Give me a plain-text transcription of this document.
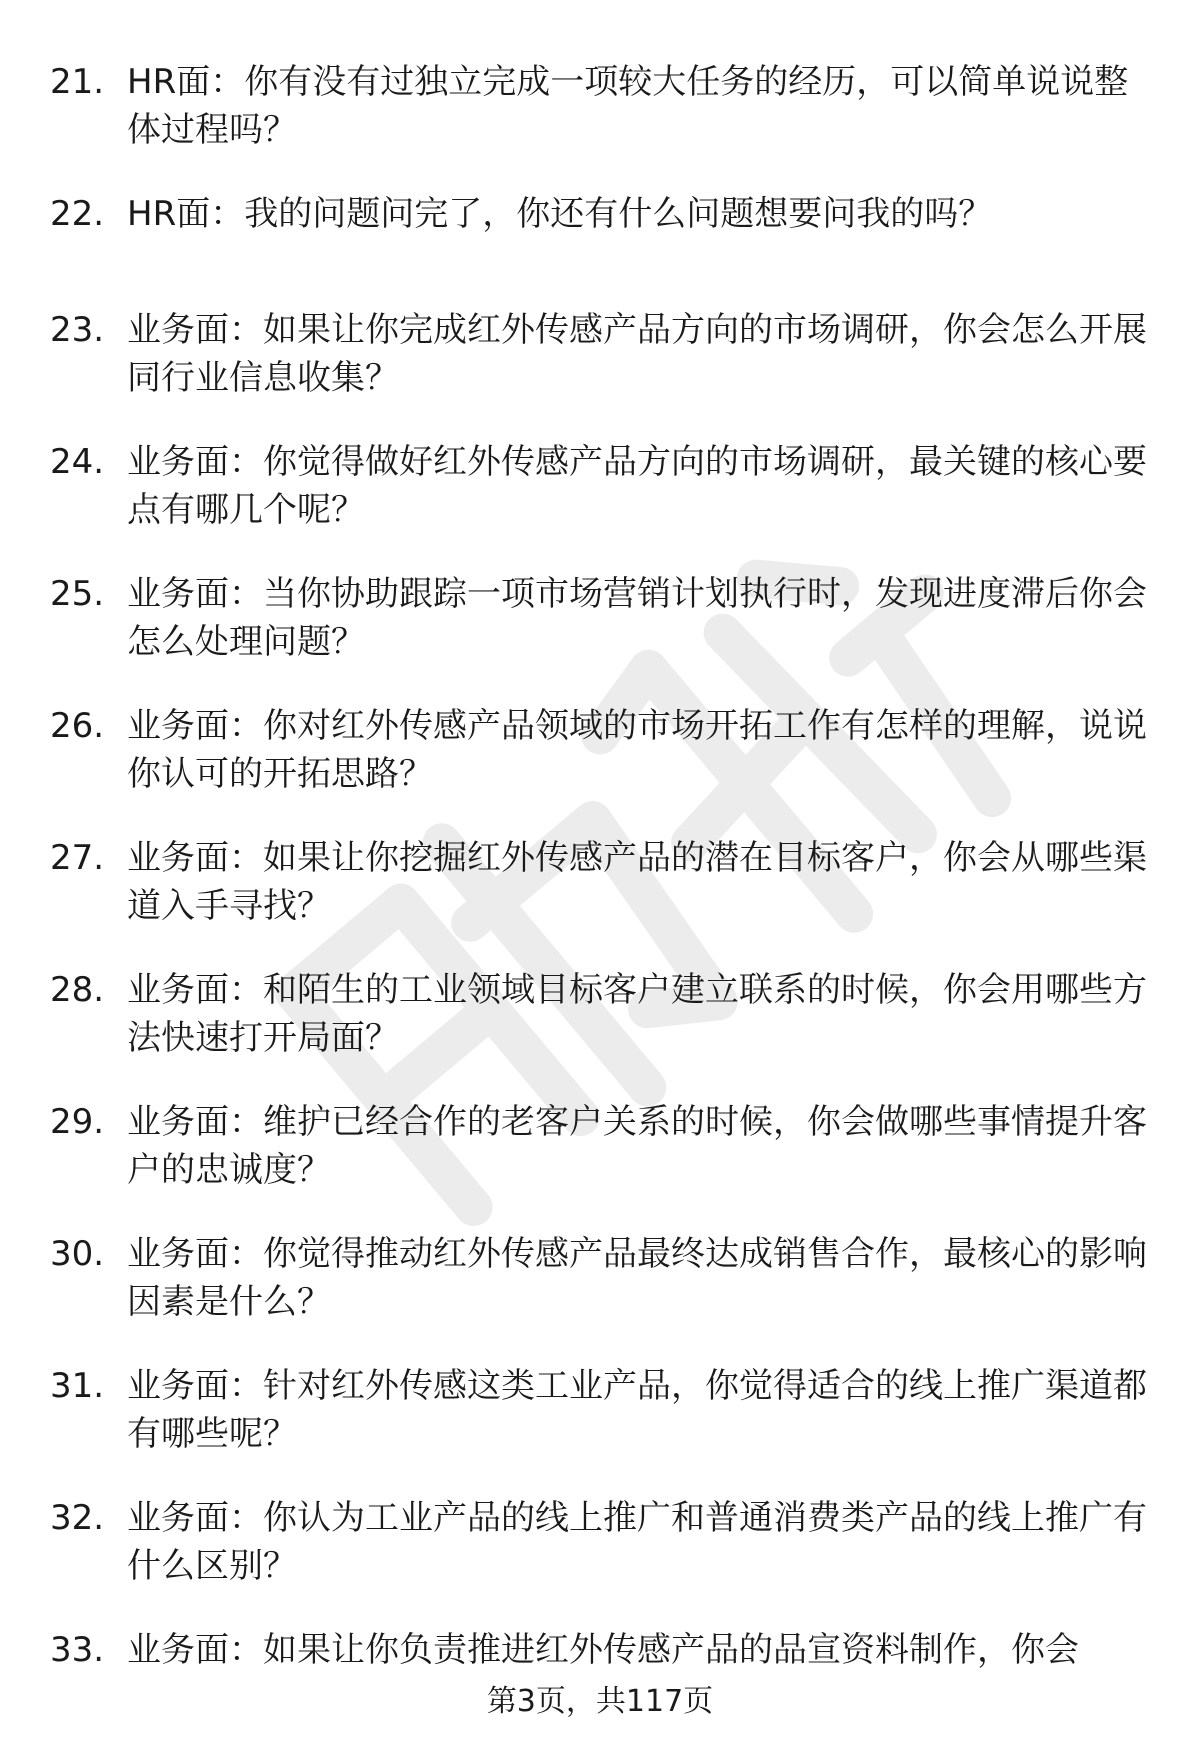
21. HR面：你有没有过独立完成一项较大任务的经历，可以简单说说整体过程吗？
22. HR面：我的问题问完了，你还有什么问题想要问我的吗？
23. 业务面：如果让你完成红外传感产品方向的市场调研，你会怎么开展同行业信息收集？
24. 业务面：你觉得做好红外传感产品方向的市场调研，最关键的核心要点有哪几个呢？
25. 业务面：当你协助跟踪一项市场营销计划执行时，发现进度滞后你会怎么处理问题？
26. 业务面：你对红外传感产品领域的市场开拓工作有怎样的理解，说说你认可的开拓思路？
27. 业务面：如果让你挖掘红外传感产品的潜在目标客户，你会从哪些渠道入手寻找？
28. 业务面：和陌生的工业领域目标客户建立联系的时候，你会用哪些方法快速打开局面？
29. 业务面：维护已经合作的老客户关系的时候，你会做哪些事情提升客户的忠诚度？
30. 业务面：你觉得推动红外传感产品最终达成销售合作，最核心的影响因素是什么？
31. 业务面：针对红外传感这类工业产品，你觉得适合的线上推广渠道都有哪些呢？
32. 业务面：你认为工业产品的线上推广和普通消费类产品的线上推广有什么区别？
33. 业务面：如果让你负责推进红外传感产品的品宣资料制作，你会
第3页，共117页
